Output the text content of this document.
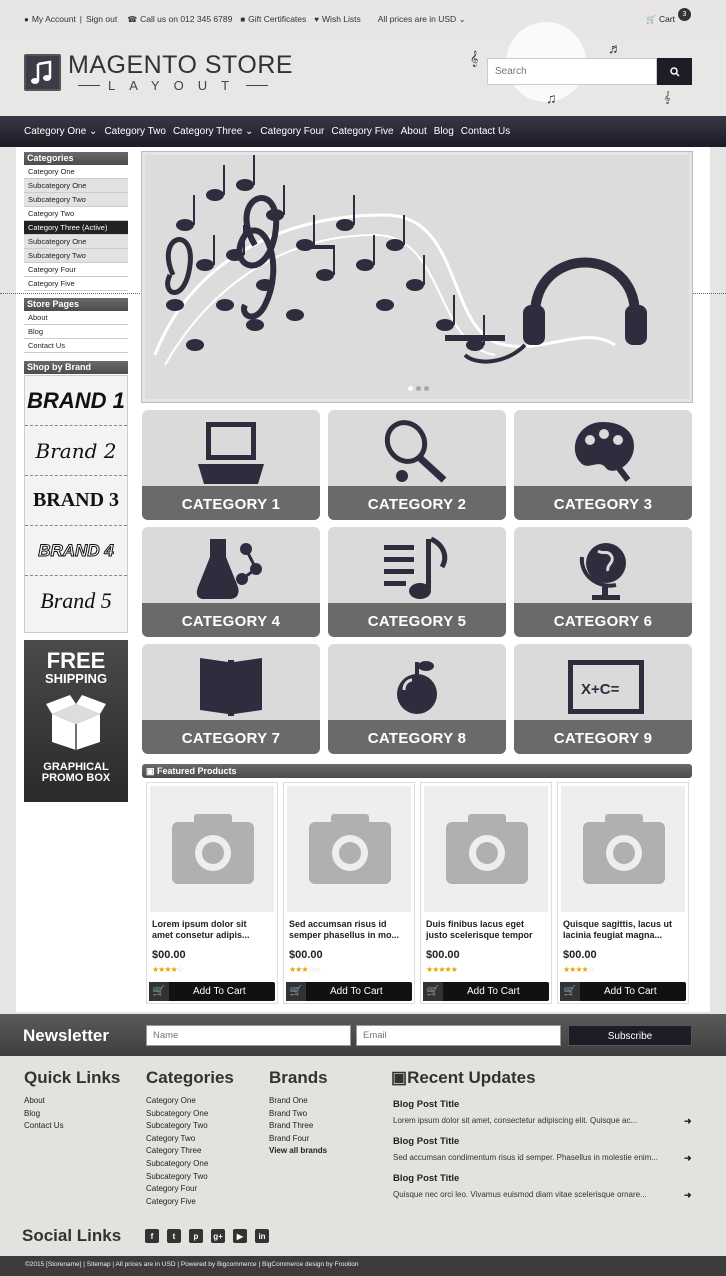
● My Account | Sign out ☎ Call us on 012 345 6789 ■ Gift Certificates ♥ Wish Lists All prices are in USD ⌄	🛒 Cart	3
MAGENTO STORE
LAYOUT
𝄞
♬
♫	𝄞
Search
Category One ⌄ Category Two Category Three ⌄ Category Four Category Five About Blog Contact Us
Categories
Category One
Subcategory One
Subcategory Two
Category Two
Category Three (Active)
Subcategory One
Subcategory Two
Category Four
Category Five
Store Pages
About
Blog
Contact Us
Shop by Brand
BRAND 1
Brand 2
BRAND 3
BRAND 4
Brand 5
FREE
SHIPPING
GRAPHICAL
PROMO BOX
CATEGORY 1	CATEGORY 2	CATEGORY 3
CATEGORY 4	CATEGORY 5	CATEGORY 6
CATEGORY 7	CATEGORY 8
X+C=
CATEGORY 9
▣ Featured Products
Lorem ipsum dolor sit
amet consetur adipis...
$00.00
★★★★☆
🛒	Add To Cart
Sed accumsan risus id
semper phasellus in mo...
$00.00
★★★☆☆
🛒	Add To Cart
Duis finibus lacus eget
justo scelerisque tempor
$00.00
★★★★★
🛒	Add To Cart
Quisque sagittis, lacus ut
lacinia feugiat magna...
$00.00
★★★★☆
🛒	Add To Cart
Newsletter
Name
Email	Subscribe
Quick Links
About
Blog
Contact Us
Categories
Category One
Subcategory One
Subcategory Two
Category Two
Category Three
Subcategory One
Subcategory Two
Category Four
Category Five
Brands
Brand One
Brand Two
Brand Three
Brand Four
View all brands
▣Recent Updates
Blog Post Title
Lorem ipsum dolor sit amet, consectetur adipiscing elit. Quisque ac...	➜
Blog Post Title
Sed accumsan condimentum risus id semper. Phasellus in molestie enim...	➜
Blog Post Title
Quisque nec orci leo. Vivamus euismod diam vitae scelerisque ornare...	➜
Social Links	f	t	p	g+	▶	in
©2015 [Storename] | Sitemap | All prices are in USD | Powered by Bigcommerce | BigCommerce design by Frootion
